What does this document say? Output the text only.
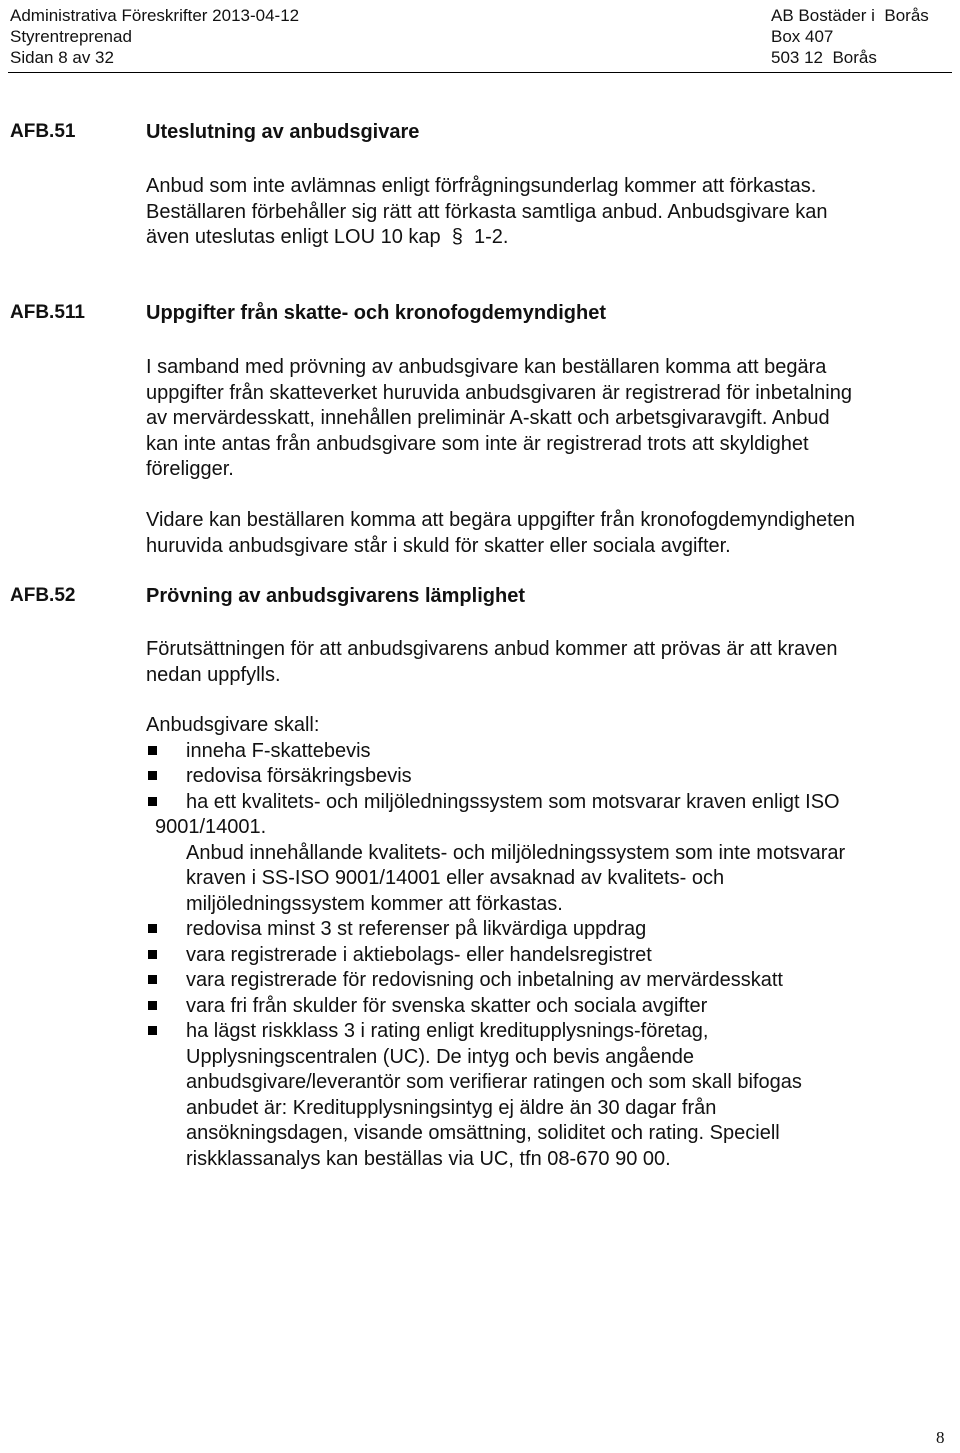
Administrativa Föreskrifter 2013-04-12
Styrentreprenad
Sidan 8 av 32
AB Bostäder i  Borås
Box 407
503 12  Borås
AFB.51	Uteslutning av anbudsgivare
Anbud som inte avlämnas enligt förfrågningsunderlag kommer att förkastas.
Beställaren förbehåller sig rätt att förkasta samtliga anbud. Anbudsgivare kan
även uteslutas enligt LOU 10 kap  §  1-2.
AFB.511	Uppgifter från skatte- och kronofogdemyndighet
I samband med prövning av anbudsgivare kan beställaren komma att begära
uppgifter från skatteverket huruvida anbudsgivaren är registrerad för inbetalning
av mervärdesskatt, innehållen preliminär A-skatt och arbetsgivaravgift. Anbud
kan inte antas från anbudsgivare som inte är registrerad trots att skyldighet
föreligger.
Vidare kan beställaren komma att begära uppgifter från kronofogdemyndigheten
huruvida anbudsgivare står i skuld för skatter eller sociala avgifter.
AFB.52	Prövning av anbudsgivarens lämplighet
Förutsättningen för att anbudsgivarens anbud kommer att prövas är att kraven
nedan uppfylls.
Anbudsgivare skall:
inneha F-skattebevis
redovisa försäkringsbevis
ha ett kvalitets- och miljöledningssystem som motsvarar kraven enligt ISO
9001/14001.
Anbud innehållande kvalitets- och miljöledningssystem som inte motsvarar
kraven i SS-ISO 9001/14001 eller avsaknad av kvalitets- och
miljöledningssystem kommer att förkastas.
redovisa minst 3 st referenser på likvärdiga uppdrag
vara registrerade i aktiebolags- eller handelsregistret
vara registrerade för redovisning och inbetalning av mervärdesskatt
vara fri från skulder för svenska skatter och sociala avgifter
ha lägst riskklass 3 i rating enligt kreditupplysnings-företag,
Upplysningscentralen (UC). De intyg och bevis angående
anbudsgivare/leverantör som verifierar ratingen och som skall bifogas
anbudet är: Kreditupplysningsintyg ej äldre än 30 dagar från
ansökningsdagen, visande omsättning, soliditet och rating. Speciell
riskklassanalys kan beställas via UC, tfn 08-670 90 00.
8
